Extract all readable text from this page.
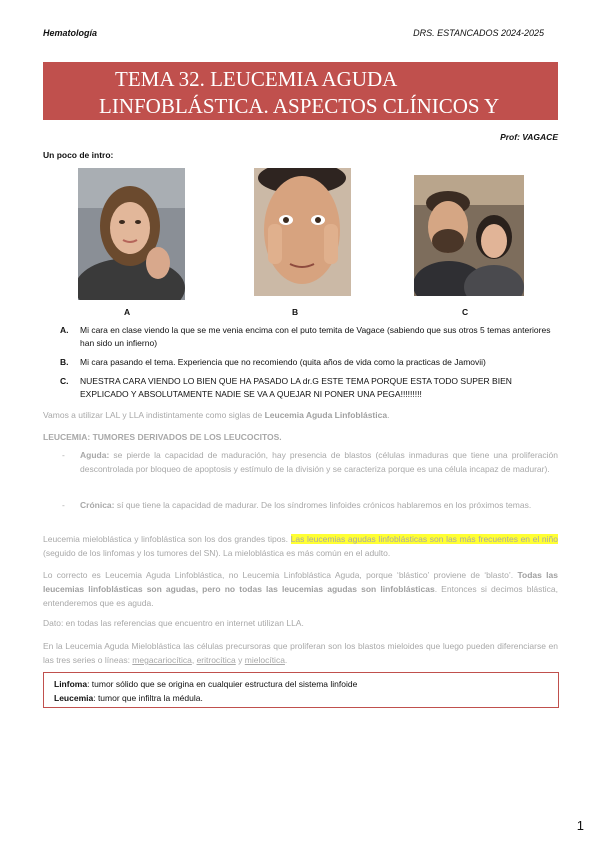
Hematología	DRS. ESTANCADOS 2024-2025
TEMA 32. LEUCEMIA AGUDA
LINFOBLÁSTICA. ASPECTOS CLÍNICOS Y
Prof: VAGACE
Un poco de intro:
A	B	C
A. Mi cara en clase viendo la que se me venia encima con el puto temita de Vagace (sabiendo que sus otros 5 temas anteriores han sido un infierno)
B. Mi cara pasando el tema. Experiencia que no recomiendo (quita años de vida como la practicas de Jamovii)
C. NUESTRA CARA VIENDO LO BIEN QUE HA PASADO LA dr.G ESTE TEMA PORQUE ESTA TODO SUPER BIEN EXPLICADO Y ABSOLUTAMENTE NADIE SE VA A QUEJAR NI PONER UNA PEGA!!!!!!!!!
Vamos a utilizar LAL y LLA indistintamente como siglas de Leucemia Aguda Linfoblástica.
LEUCEMIA: TUMORES DERIVADOS DE LOS LEUCOCITOS.
- Aguda: se pierde la capacidad de maduración, hay presencia de blastos (células inmaduras que tiene una proliferación descontrolada por bloqueo de apoptosis y estímulo de la división y se caracteriza porque es una célula incapaz de madurar).
- Crónica: sí que tiene la capacidad de madurar. De los síndromes linfoides crónicos hablaremos en los próximos temas.
Leucemia mieloblástica y linfoblástica son los dos grandes tipos. Las leucemias agudas linfoblásticas son las más frecuentes en el niño (seguido de los linfomas y los tumores del SN). La mieloblástica es más común en el adulto.
Lo correcto es Leucemia Aguda Linfoblástica, no Leucemia Linfoblástica Aguda, porque ‘blástico’ proviene de ‘blasto’. Todas las leucemias linfoblásticas son agudas, pero no todas las leucemias agudas son linfoblásticas. Entonces si decimos blástica, entenderemos que es aguda.
Dato: en todas las referencias que encuentro en internet utilizan LLA.
En la Leucemia Aguda Mieloblástica las células precursoras que proliferan son los blastos mieloides que luego pueden diferenciarse en las tres series o líneas: megacariocítica, eritrocítica y mielocítica.
Linfoma: tumor sólido que se origina en cualquier estructura del sistema linfoide
Leucemia: tumor que infiltra la médula.
1
